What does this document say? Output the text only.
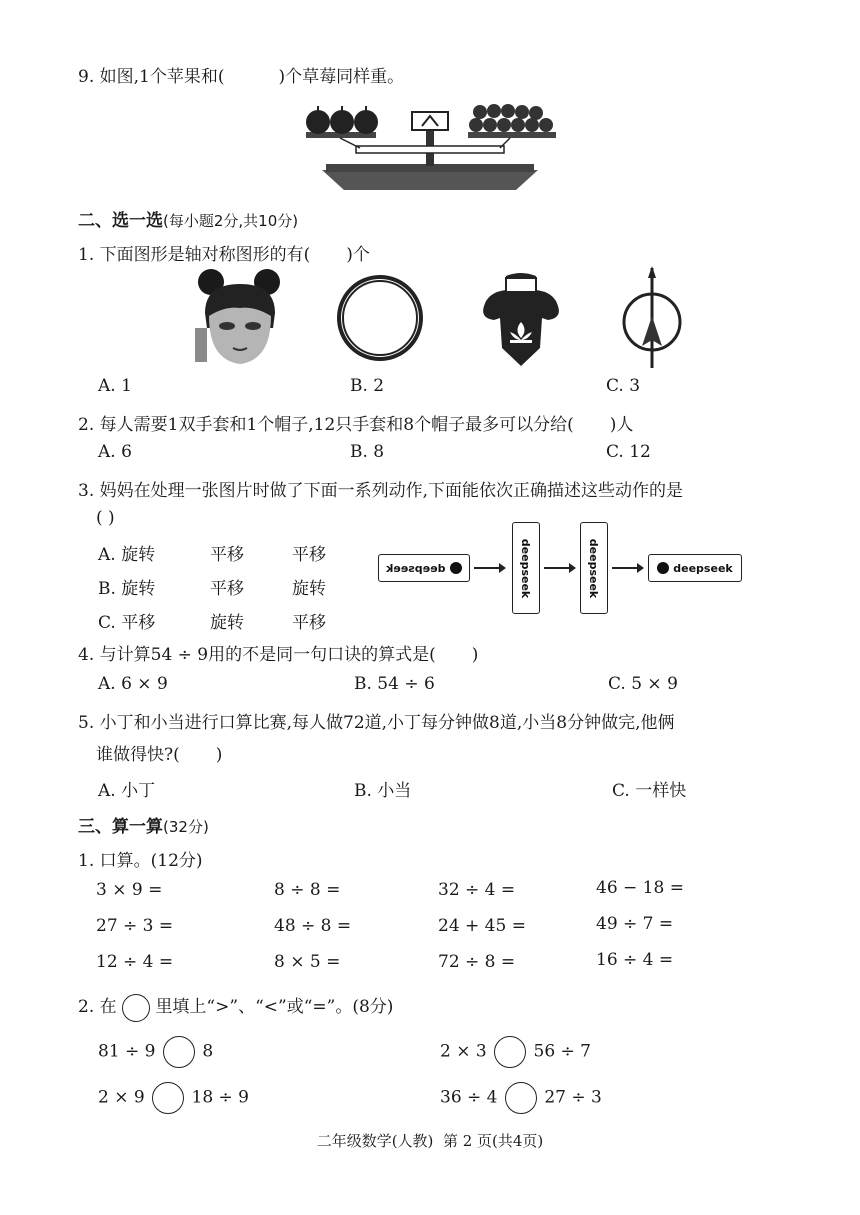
9. 如图,1个苹果和(	)个草莓同样重。
二、选一选(每小题2分,共10分)
1. 下面图形是轴对称图形的有( )个
A. 1	B. 2	C. 3
2. 每人需要1双手套和1个帽子,12只手套和8个帽子最多可以分给( )人
A. 6	B. 8	C. 12
3. 妈妈在处理一张图片时做了下面一系列动作,下面能依次正确描述这些动作的是
( )
A. 旋转	平移	平移
B. 旋转	平移	旋转
C. 平移	旋转	平移
deepseek	deepseek	deepseek	deepseek
4. 与计算54 ÷ 9用的不是同一句口诀的算式是( )
A. 6 × 9	B. 54 ÷ 6	C. 5 × 9
5. 小丁和小当进行口算比赛,每人做72道,小丁每分钟做8道,小当8分钟做完,他俩
谁做得快?( )
A. 小丁	B. 小当	C. 一样快
三、算一算(32分)
1. 口算。(12分)
3 × 9 =	8 ÷ 8 =	32 ÷ 4 =	46 − 18 =
27 ÷ 3 =	48 ÷ 8 =	24 + 45 =	49 ÷ 7 =
12 ÷ 4 =	8 × 5 =	72 ÷ 8 =	16 ÷ 4 =
2. 在 里填上“>”、“<”或“=”。(8分)
81 ÷ 9	8	2 × 3	56 ÷ 7
2 × 9	18 ÷ 9	36 ÷ 4	27 ÷ 3
二年级数学(人教)  第 2 页(共4页)
